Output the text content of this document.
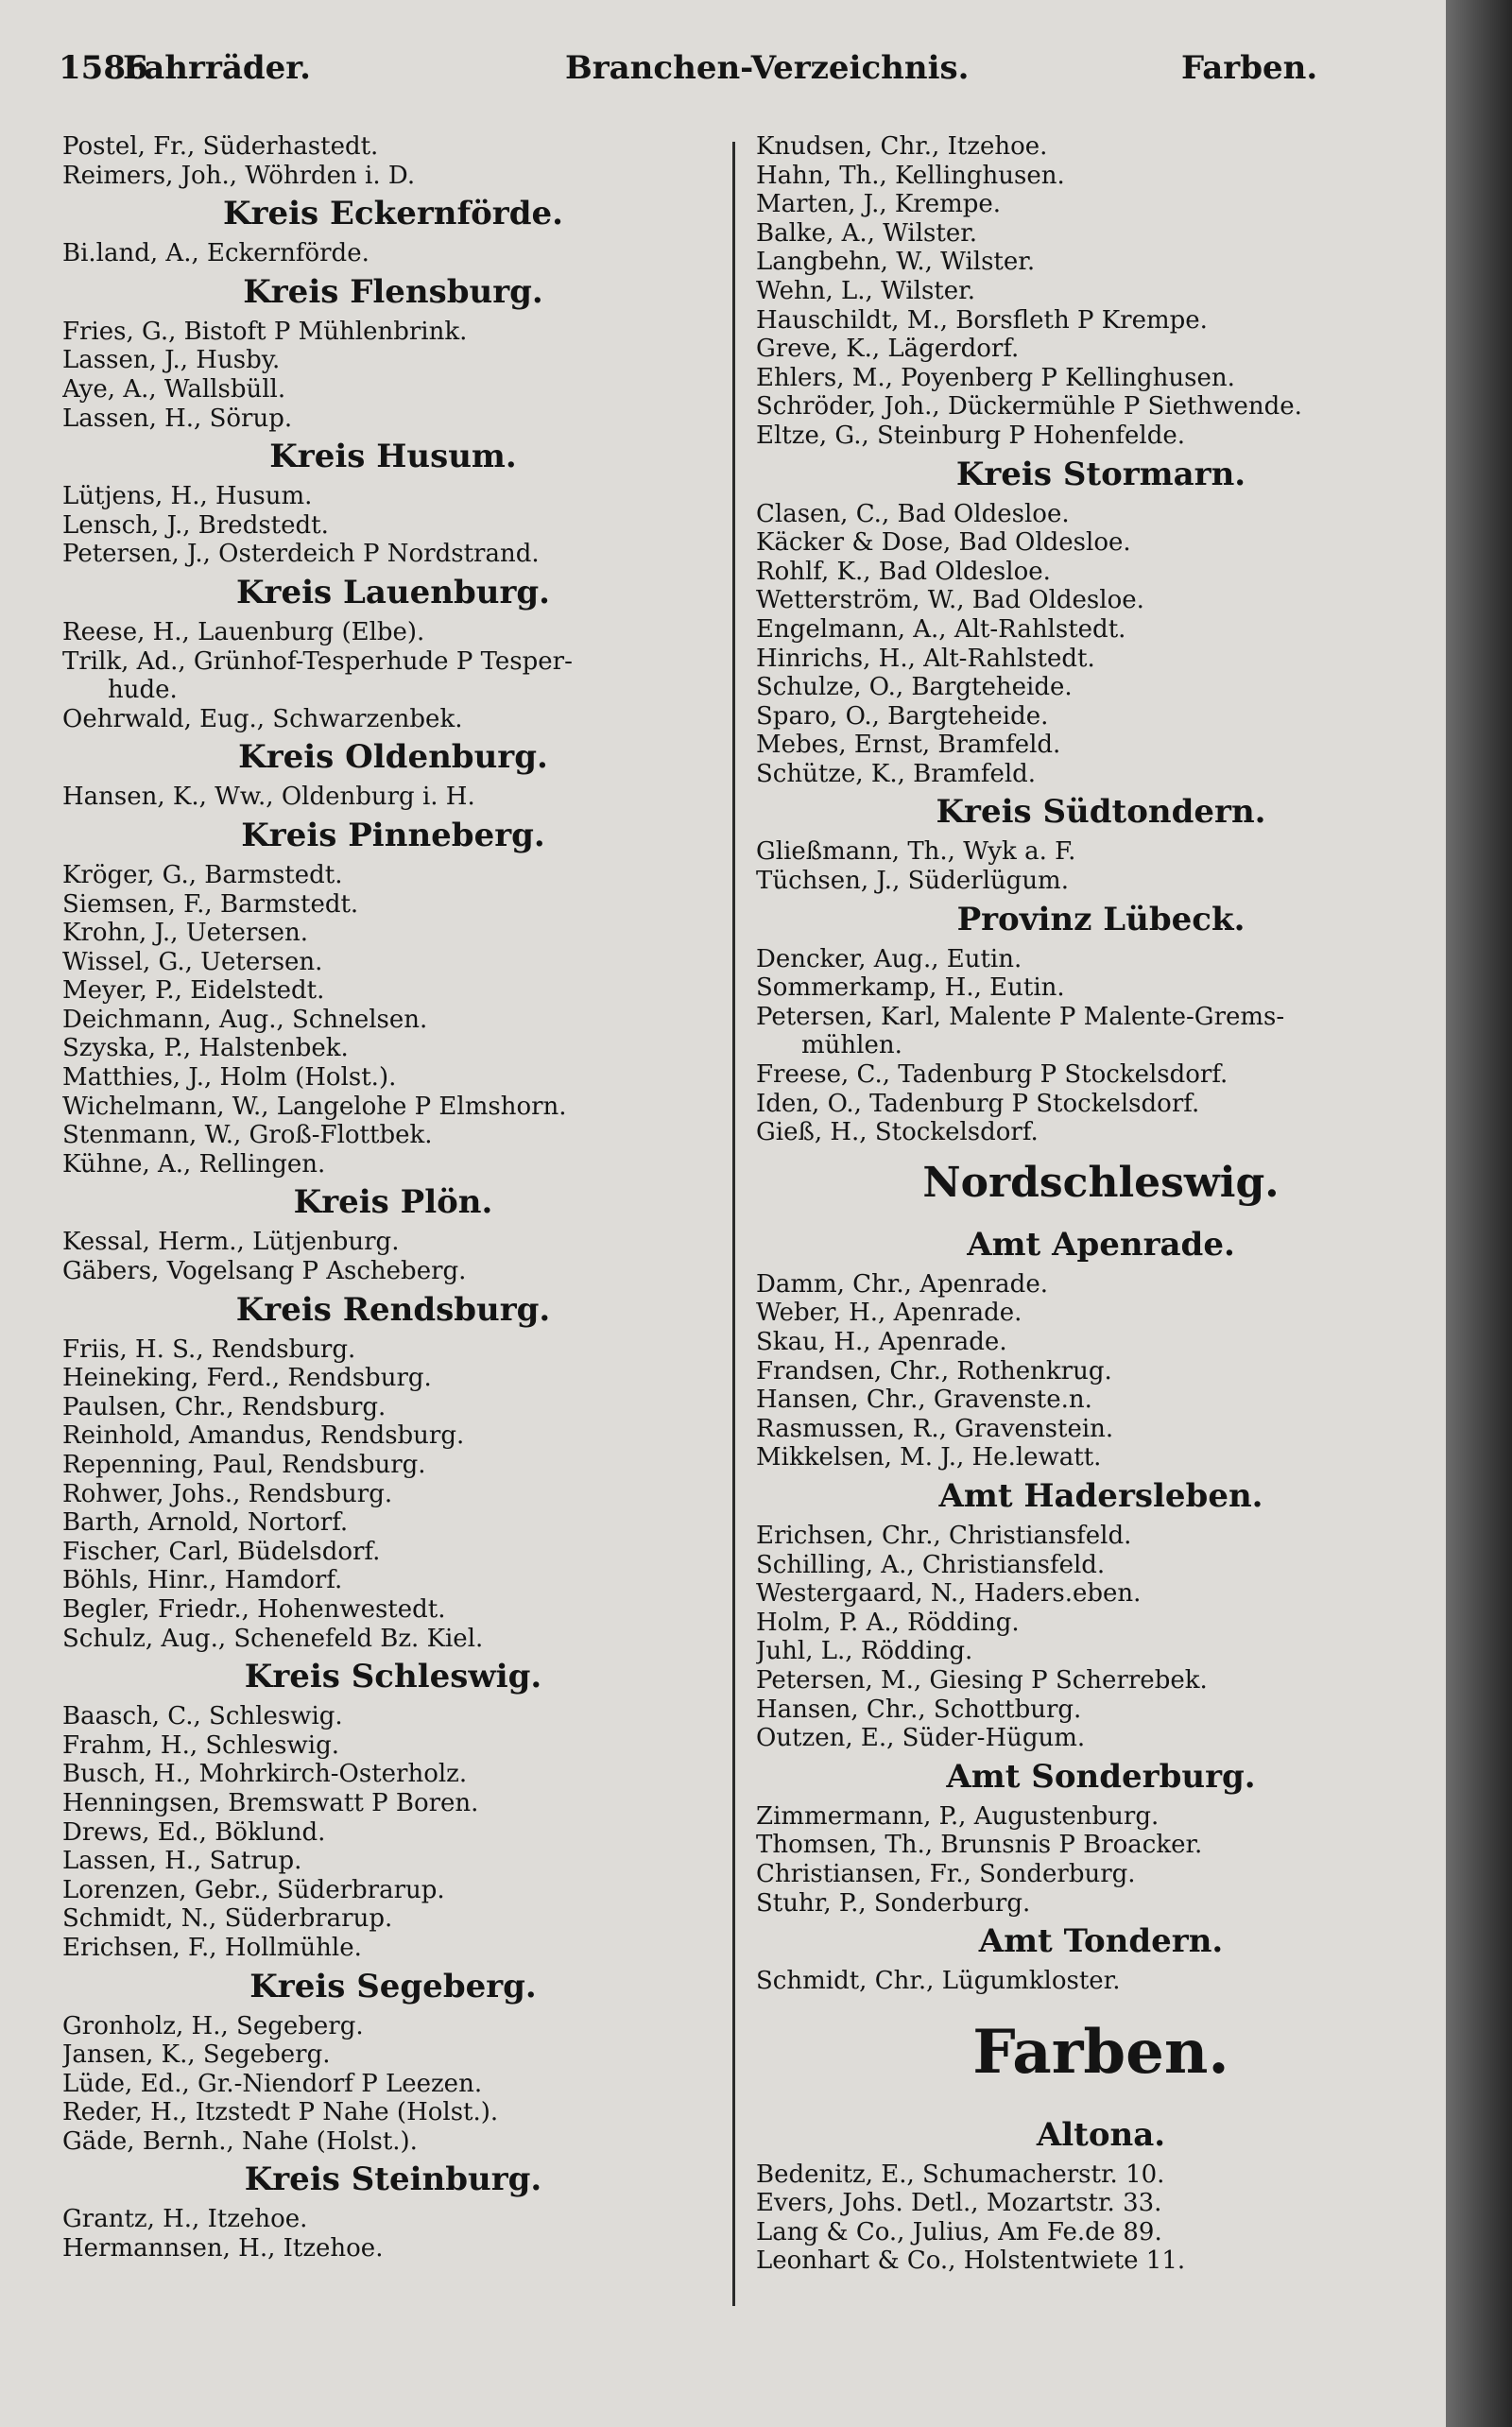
1586
Fahrräder.	Branchen-Verzeichnis.	Farben.
Postel, Fr., Süderhastedt.
Reimers, Joh., Wöhrden i. D.
Kreis Eckernförde.
Bi.land, A., Eckernförde.
Kreis Flensburg.
Fries, G., Bistoft P Mühlenbrink.
Lassen, J., Husby.
Aye, A., Wallsbüll.
Lassen, H., Sörup.
Kreis Husum.
Lütjens, H., Husum.
Lensch, J., Bredstedt.
Petersen, J., Osterdeich P Nordstrand.
Kreis Lauenburg.
Reese, H., Lauenburg (Elbe).
Trilk, Ad., Grünhof-Tesperhude P Tesper-
hude.
Oehrwald, Eug., Schwarzenbek.
Kreis Oldenburg.
Hansen, K., Ww., Oldenburg i. H.
Kreis Pinneberg.
Kröger, G., Barmstedt.
Siemsen, F., Barmstedt.
Krohn, J., Uetersen.
Wissel, G., Uetersen.
Meyer, P., Eidelstedt.
Deichmann, Aug., Schnelsen.
Szyska, P., Halstenbek.
Matthies, J., Holm (Holst.).
Wichelmann, W., Langelohe P Elmshorn.
Stenmann, W., Groß-Flottbek.
Kühne, A., Rellingen.
Kreis Plön.
Kessal, Herm., Lütjenburg.
Gäbers, Vogelsang P Ascheberg.
Kreis Rendsburg.
Friis, H. S., Rendsburg.
Heineking, Ferd., Rendsburg.
Paulsen, Chr., Rendsburg.
Reinhold, Amandus, Rendsburg.
Repenning, Paul, Rendsburg.
Rohwer, Johs., Rendsburg.
Barth, Arnold, Nortorf.
Fischer, Carl, Büdelsdorf.
Böhls, Hinr., Hamdorf.
Begler, Friedr., Hohenwestedt.
Schulz, Aug., Schenefeld Bz. Kiel.
Kreis Schleswig.
Baasch, C., Schleswig.
Frahm, H., Schleswig.
Busch, H., Mohrkirch-Osterholz.
Henningsen, Bremswatt P Boren.
Drews, Ed., Böklund.
Lassen, H., Satrup.
Lorenzen, Gebr., Süderbrarup.
Schmidt, N., Süderbrarup.
Erichsen, F., Hollmühle.
Kreis Segeberg.
Gronholz, H., Segeberg.
Jansen, K., Segeberg.
Lüde, Ed., Gr.-Niendorf P Leezen.
Reder, H., Itzstedt P Nahe (Holst.).
Gäde, Bernh., Nahe (Holst.).
Kreis Steinburg.
Grantz, H., Itzehoe.
Hermannsen, H., Itzehoe.
Knudsen, Chr., Itzehoe.
Hahn, Th., Kellinghusen.
Marten, J., Krempe.
Balke, A., Wilster.
Langbehn, W., Wilster.
Wehn, L., Wilster.
Hauschildt, M., Borsfleth P Krempe.
Greve, K., Lägerdorf.
Ehlers, M., Poyenberg P Kellinghusen.
Schröder, Joh., Dückermühle P Siethwende.
Eltze, G., Steinburg P Hohenfelde.
Kreis Stormarn.
Clasen, C., Bad Oldesloe.
Käcker & Dose, Bad Oldesloe.
Rohlf, K., Bad Oldesloe.
Wetterström, W., Bad Oldesloe.
Engelmann, A., Alt-Rahlstedt.
Hinrichs, H., Alt-Rahlstedt.
Schulze, O., Bargteheide.
Sparo, O., Bargteheide.
Mebes, Ernst, Bramfeld.
Schütze, K., Bramfeld.
Kreis Südtondern.
Gließmann, Th., Wyk a. F.
Tüchsen, J., Süderlügum.
Provinz Lübeck.
Dencker, Aug., Eutin.
Sommerkamp, H., Eutin.
Petersen, Karl, Malente P Malente-Grems-
mühlen.
Freese, C., Tadenburg P Stockelsdorf.
Iden, O., Tadenburg P Stockelsdorf.
Gieß, H., Stockelsdorf.
Nordschleswig.
Amt Apenrade.
Damm, Chr., Apenrade.
Weber, H., Apenrade.
Skau, H., Apenrade.
Frandsen, Chr., Rothenkrug.
Hansen, Chr., Gravenste.n.
Rasmussen, R., Gravenstein.
Mikkelsen, M. J., He.lewatt.
Amt Hadersleben.
Erichsen, Chr., Christiansfeld.
Schilling, A., Christiansfeld.
Westergaard, N., Haders.eben.
Holm, P. A., Rödding.
Juhl, L., Rödding.
Petersen, M., Giesing P Scherrebek.
Hansen, Chr., Schottburg.
Outzen, E., Süder-Hügum.
Amt Sonderburg.
Zimmermann, P., Augustenburg.
Thomsen, Th., Brunsnis P Broacker.
Christiansen, Fr., Sonderburg.
Stuhr, P., Sonderburg.
Amt Tondern.
Schmidt, Chr., Lügumkloster.
Farben.
Altona.
Bedenitz, E., Schumacherstr. 10.
Evers, Johs. Detl., Mozartstr. 33.
Lang & Co., Julius, Am Fe.de 89.
Leonhart & Co., Holstentwiete 11.
